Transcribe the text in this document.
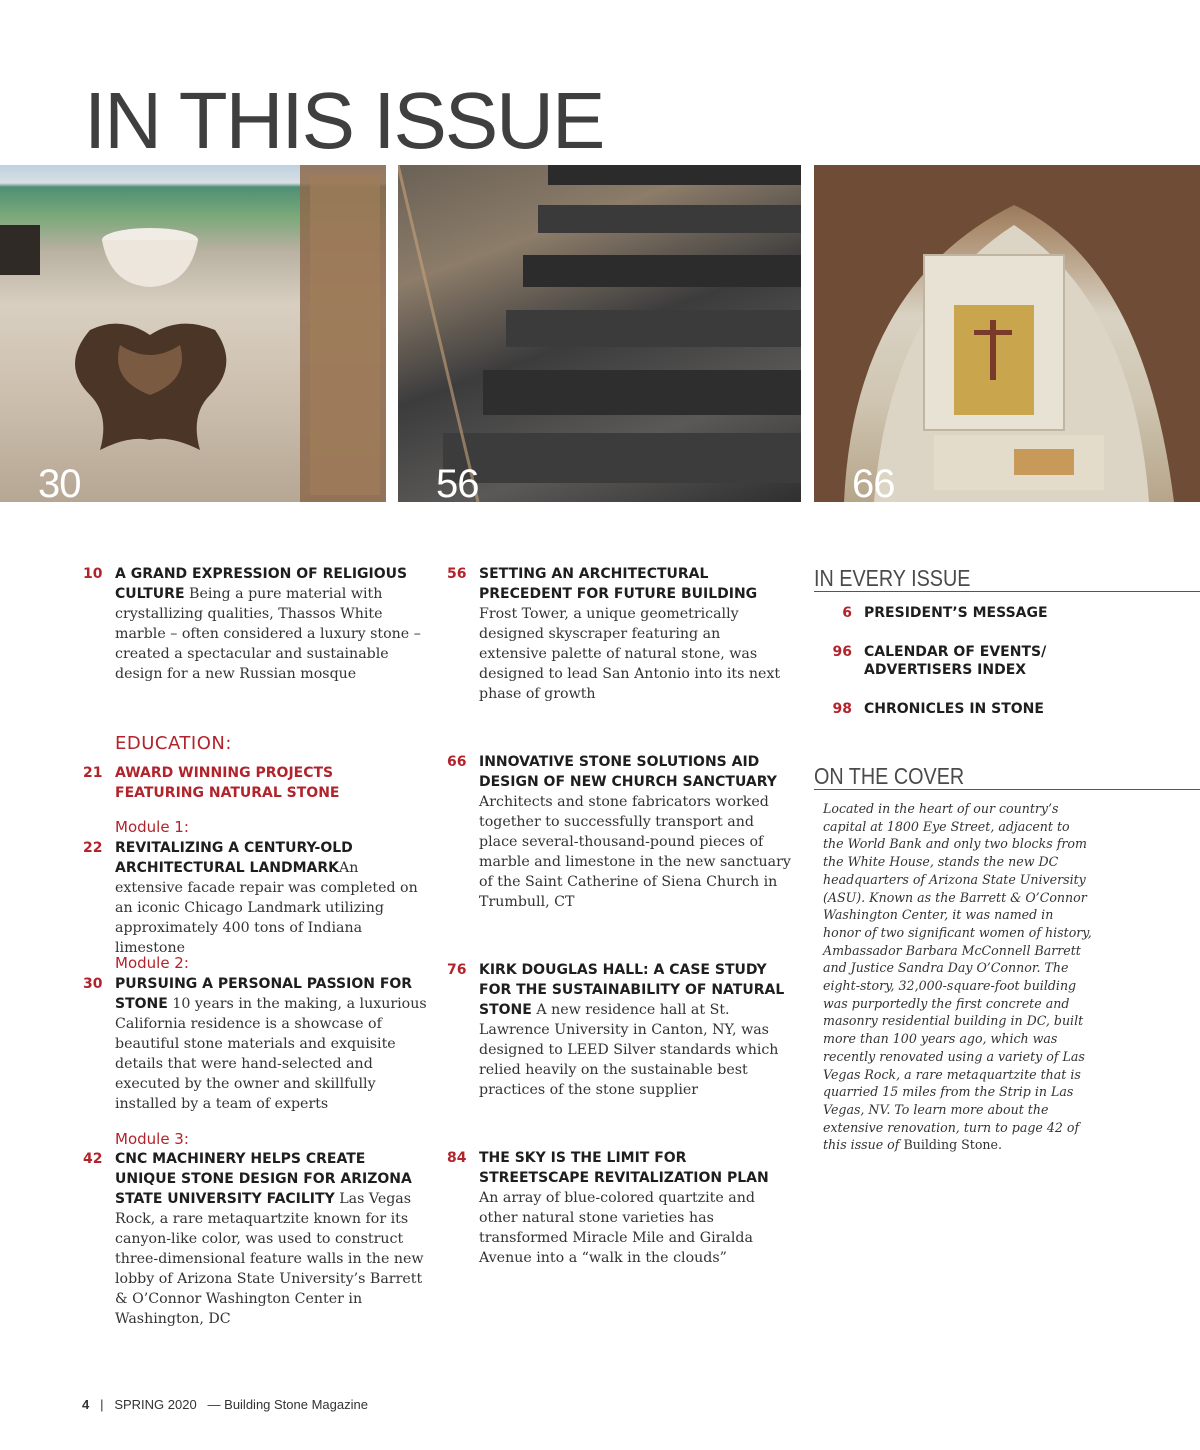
IN THIS ISSUE
30	56	66
10 A GRAND EXPRESSION OF RELIGIOUS CULTURE Being a pure material with crystallizing qualities, Thassos White marble – often considered a luxury stone – created a spectacular and sustainable design for a new Russian mosque
EDUCATION:
21 AWARD WINNING PROJECTS FEATURING NATURAL STONE
Module 1:
22 REVITALIZING A CENTURY-OLD ARCHITECTURAL LANDMARKAn extensive facade repair was completed on an iconic Chicago Landmark utilizing approximately 400 tons of Indiana limestone
Module 2:
30 PURSUING A PERSONAL PASSION FOR STONE 10 years in the making, a luxurious California residence is a showcase of beautiful stone materials and exquisite details that were hand-selected and executed by the owner and skillfully installed by a team of experts
Module 3:
42 CNC MACHINERY HELPS CREATE UNIQUE STONE DESIGN FOR ARIZONA STATE UNIVERSITY FACILITY Las Vegas Rock, a rare metaquartzite known for its canyon-like color, was used to construct three-dimensional feature walls in the new lobby of Arizona State University’s Barrett & O’Connor Washington Center in Washington, DC
56 SETTING AN ARCHITECTURAL PRECEDENT FOR FUTURE BUILDING
Frost Tower, a unique geometrically designed skyscraper featuring an extensive palette of natural stone, was designed to lead San Antonio into its next phase of growth
66 INNOVATIVE STONE SOLUTIONS AID DESIGN OF NEW CHURCH SANCTUARY
Architects and stone fabricators worked together to successfully transport and place several-thousand-pound pieces of marble and limestone in the new sanctuary of the Saint Catherine of Siena Church in Trumbull, CT
76 KIRK DOUGLAS HALL: A CASE STUDY FOR THE SUSTAINABILITY OF NATURAL STONE A new residence hall at St. Lawrence University in Canton, NY, was designed to LEED Silver standards which relied heavily on the sustainable best practices of the stone supplier
84 THE SKY IS THE LIMIT FOR STREETSCAPE REVITALIZATION PLAN
An array of blue-colored quartzite and other natural stone varieties has transformed Miracle Mile and Giralda Avenue into a “walk in the clouds”
IN EVERY ISSUE
6 PRESIDENT’S MESSAGE
96 CALENDAR OF EVENTS/ ADVERTISERS INDEX
98 CHRONICLES IN STONE
ON THE COVER
Located in the heart of our country’s capital at 1800 Eye Street, adjacent to the World Bank and only two blocks from the White House, stands the new DC headquarters of Arizona State University (ASU). Known as the Barrett & O’Connor Washington Center, it was named in honor of two significant women of history, Ambassador Barbara McConnell Barrett and Justice Sandra Day O’Connor. The eight-story, 32,000-square-foot building was purportedly the first concrete and masonry residential building in DC, built more than 100 years ago, which was recently renovated using a variety of Las Vegas Rock, a rare metaquartzite that is quarried 15 miles from the Strip in Las Vegas, NV. To learn more about the extensive renovation, turn to page 42 of this issue of Building Stone.
4 | SPRING 2020 — Building Stone Magazine
